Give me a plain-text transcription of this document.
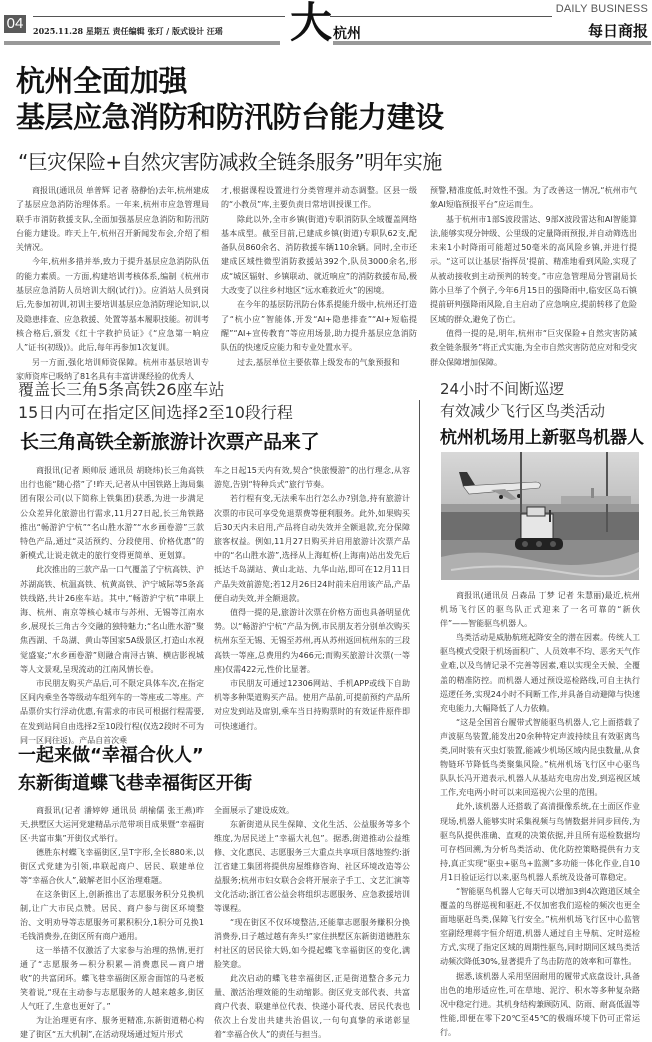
04	2025.11.28 星期五 责任编辑 张玎 / 版式设计 汪瑶 大 杭州
DAILY BUSINESS
每日商报
杭州全面加强
基层应急消防和防汛防台能力建设
“巨灾保险+自然灾害防减救全链条服务”明年实施

商报讯(通讯员 单普辉 记者 骆静怡)去年,杭州建成了基层应急消防治理体系。一年来,杭州市应急管理局联手市消防救援支队,全面加强基层应急消防和防汛防台能力建设。昨天上午,杭州召开新闻发布会,介绍了相关情况。

今年,杭州多措并举,致力于提升基层应急消防队伍的能力素质。一方面,构建培训考核体系,编制《杭州市基层应急消防人员培训大纲(试行)》。应消站人员到岗后,先参加初训,初训主要培训基层应急消防理论知识,以及隐患排查、应急救援、处置等基本履职技能。初训考核合格后,颁发《红十字救护员证》《“应急第一响应人”证书(初级)》。此后,每年再参加1次复训。

另一方面,强化培训师资保障。杭州市基层培训专家师资库已吸纳了81名具有丰富讲课经验的优秀人

才,根据课程设置进行分类管理并动态调整。区县一级的“小教员”库,主要负责日常培训授课工作。

除此以外,全市乡镇(街道)专职消防队全域覆盖网络基本成型。截至目前,已建成乡镇(街道)专职队62支,配备队员860余名、消防救援车辆110余辆。同时,全市还建成区域性微型消防救援站392个,队员3000余名,形成“城区辐射、乡镇联动、就近响应”的消防救援布局,极大改变了以往乡村地区“远水难救近火”的困境。

在今年的基层防汛防台体系提能升级中,杭州还打造了“杭小应”智能体,开发“AI+隐患排查”“AI+短临提醒”“AI+宣传教育”等应用场景,助力提升基层应急消防队伍的快速反应能力和专业处置水平。

过去,基层单位主要依靠上级发布的气象预报和

预警,精准度低,时效性不强。为了改善这一情况,“杭州市气象AI短临预报平台”应运而生。

基于杭州市1部S波段雷达、9部X波段雷达和AI智能算法,能够实现分钟级、公里级的定量降雨预报,并自动筛选出未来1小时降雨可能超过50毫米的高风险乡镇,并进行提示。“这可以让基层‘指挥员’提前、精准地看到风险,实现了从被动接收到主动预判的转变。”市应急管理局分管副局长陈小旦举了个例子,今年6月15日的强降雨中,临安区岛石镇提前研判强降雨风险,自主启动了应急响应,提前转移了危险区域的群众,避免了伤亡。

值得一提的是,明年,杭州市“巨灾保险+自然灾害防减救全链条服务”将正式实施,为全市自然灾害防范应对和受灾群众保障增加保障。

覆盖长三角5条高铁26座车站
15日内可在指定区间选择2至10段行程
长三角高铁全新旅游计次票产品来了

商报讯(记者 顾帅辰 通讯员 胡晓炜)长三角高铁出行也能“随心搭”了!昨天,记者从中国铁路上海局集团有限公司(以下简称上铁集团)获悉,为进一步满足公众差异化旅游出行需求,11月27日起,长三角铁路推出“畅游沪宁杭”“名山胜水游”“水乡画卷游”三款特色产品,通过“灵活预约、分段使用、价格优惠”的新模式,让说走就走的旅行变得更简单、更划算。

此次推出的三款产品一口气覆盖了宁杭高铁、沪苏湖高铁、杭温高铁、杭黄高铁、沪宁城际等5条高铁线路,共计26座车站。其中,“畅游沪宁杭”串联上海、杭州、南京等核心城市与苏州、无锡等江南水乡,展现长三角古今交融的独特魅力;“名山胜水游”聚焦西湖、千岛湖、黄山等国家5A级景区,打造山水视觉盛宴;“水乡画卷游”则融合南浔古镇、横店影视城等人文景观,呈现流动的江南风情长卷。

市民朋友购买产品后,可不限定具体车次,在指定区间内乘坐各等级动车组列车的一等座或二等座。产品票价实行浮动优惠,有需求的市民可根据行程需要,在发到站间自由选择2至10段行程(仅选2段时不可为同一区间往返)。产品自首次乘

车之日起15天内有效,契合“快旅慢游”的出行理念,从容游览,告别“特种兵式”旅行节奏。

若行程有变,无法乘车出行怎么办?别急,持有旅游计次票的市民可享受免退票费等便利服务。此外,如果购买后30天内未启用,产品将自动失效并全额退款,充分保障旅客权益。例如,11月27日购买并启用旅游计次票产品中的“名山胜水游”,选择从上海虹桥(上海南)站出发先后抵达千岛湖站、黄山北站、九华山站,即可在12月11日产品失效前游览;若12月26日24时前未启用该产品,产品便自动失效,并全额退款。

值得一提的是,旅游计次票在价格方面也具备明显优势。以“畅游沪宁杭”产品为例,市民朋友若分别单次购买杭州东至无锡、无锡至苏州,再从苏州返回杭州东的三段高铁一等座,总费用约为466元;而购买旅游计次票(一等座)仅需422元,性价比显著。

市民朋友可通过12306网站、手机APP或线下自助机等多种渠道购买产品。使用产品前,可提前预约产品所对应发到站及席别,乘车当日持购票时的有效证件原件即可快速通行。

24小时不间断巡逻
有效减少飞行区鸟类活动
杭州机场用上新驱鸟机器人

商报讯(通讯员 吕森品 丁梦 记者 朱慧丽)最近,杭州机场飞行区的驱鸟队正式迎来了一名可靠的“新伙伴”——智能驱鸟机器人。

鸟类活动是威胁航班起降安全的潜在因素。传统人工驱鸟模式受限于机场面积广、人员效率不均、恶劣天气作业难,以及鸟情记录不完善等因素,难以实现全天候、全覆盖的精准防控。而机器人通过预设巡检路线,可自主执行巡逻任务,实现24小时不间断工作,并具备自动避障与快速充电能力,大幅降低了人力依赖。

“这是全国首台履带式智能驱鸟机器人,它上面搭载了声波驱鸟装置,能发出20余种特定声波持续且有效驱离鸟类,同时装有灭虫灯装置,能减少机场区域内昆虫数量,从食物链环节降低鸟类聚集风险。”杭州机场飞行区中心驱鸟队队长冯开道表示,机器人从基站充电房出发,到巡视区域工作,充电两小时可以来回巡视六公里的范围。

此外,该机器人还搭载了高清摄像系统,在土面区作业现场,机器人能够实时采集视频与鸟情数据并同步回传,为驱鸟队提供准确、直观的决策依据,并且所有巡检数据均可存档回溯,为分析鸟类活动、优化防控策略提供有力支持,真正实现“驱虫+驱鸟+监测”多功能一体化作业,自10月1日验证运行以来,驱鸟机器人系统及设备可靠稳定。

“智能驱鸟机器人它每天可以增加3到4次跑道区域全覆盖的鸟群巡视和驱赶,不仅加密我们巡检的频次也更全面地驱赶鸟类,保障飞行安全。”杭州机场飞行区中心监管室副经理蒋宇恒介绍道,机器人通过自主导航、定时巡检方式,实现了指定区域的周期性驱鸟,同时期同区域鸟类活动频次降低30%,显著提升了鸟击防范的效率和可靠性。

据悉,该机器人采用坚固耐用的履带式底盘设计,具备出色的地形适应性,可在草地、泥泞、积水等多种复杂路况中稳定行进。其机身结构兼顾防风、防雨、耐高低温等性能,即便在零下20℃至45℃的极端环境下仍可正常运行。

一起来做“幸福合伙人”
东新街道蝶飞巷幸福街区开街

商报讯(记者 潘婷婷 通讯员 胡榆儒 张王燕)昨天,拱墅区大运河党建精品示范带项目成果暨“幸福街区·共富市集”开街仪式举行。

德胜东村蝶飞幸福街区,呈T字形,全长880米,以街区式党建为引领,串联起商户、居民、联建单位等“幸福合伙人”,破解老旧小区治理难题。

在这条街区上,创新推出了志愿服务积分兑换机制,让广大市民点赞。居民、商户参与街区环境整治、文明劝导等志愿服务可累积积分,1积分可兑换1毛钱消费券,在街区所有商户通用。

这一举措不仅激活了大家参与治理的热情,更打通了“志愿服务—积分积累—消费惠民—商户增收”的共富闭环。蝶飞巷幸福街区原舍面馆的马老板笑着说,“现在主动参与志愿服务的人越来越多,街区人气旺了,生意也更好了。”

为让治理更有序、服务更精准,东新街道精心构建了街区“五大机制”,在活动现场通过短片形式

全面展示了建设成效。

东新街道从民生保障、文化生活、公益服务等多个维度,为居民送上“幸福大礼包”。据悉,街道推动公益维修、文化惠民、志愿服务三大重点共享项目落地签约:浙江省建工集团将提供房屋维修咨询、社区环境改造等公益服务;杭州市妇女联合会将开展亲子手工、文艺汇演等文化活动;浙江省公益会将组织志愿服务、应急救援培训等课程。

“现在街区不仅环境整洁,还能靠志愿服务赚积分换消费券,日子越过越有奔头!”家住拱墅区东新街道德胜东村社区的居民徐大妈,如今提起蝶飞幸福街区的变化,满脸笑意。

此次启动的蝶飞巷幸福街区,正是街道整合多元力量、激活治理效能的生动缩影。街区党支部代表、共富商户代表、联建单位代表、快递小哥代表、居民代表也依次上台发出共建共治倡议,一句句真挚的承诺彰显着“幸福合伙人”的责任与担当。
